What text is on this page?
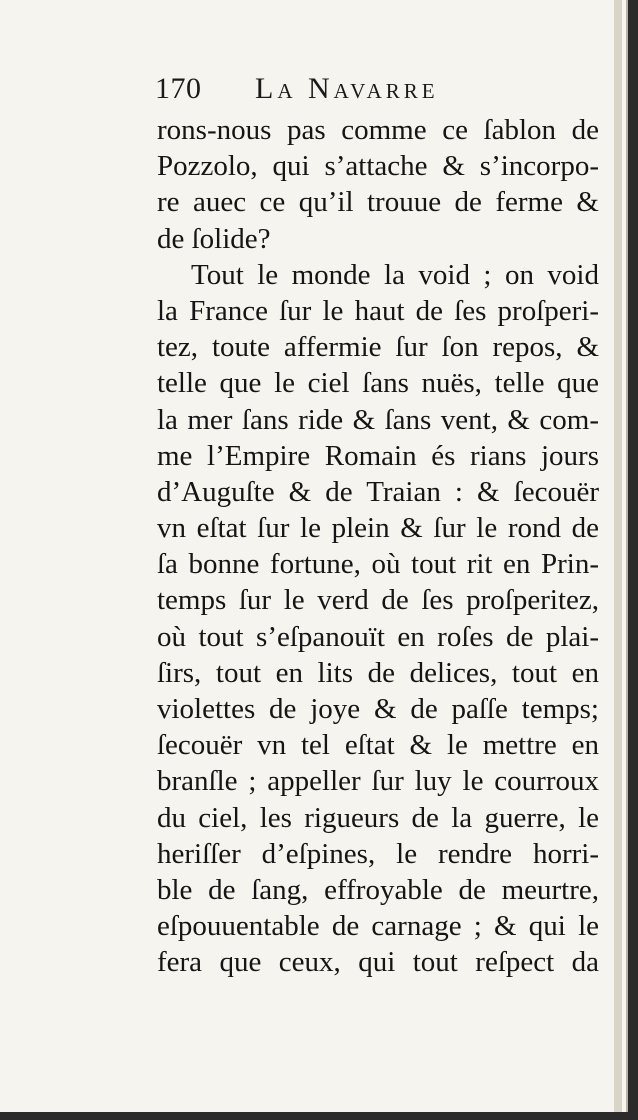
170 La Navarre
rons-nous pas comme ce ſablon de
Pozzolo, qui s’attache & s’incorpo-
re auec ce qu’il trouue de ferme &
de ſolide?
Tout le monde la void ; on void
la France ſur le haut de ſes proſperi-
tez, toute affermie ſur ſon repos, &
telle que le ciel ſans nuës, telle que
la mer ſans ride & ſans vent, & com-
me l’Empire Romain és rians jours
d’Auguſte & de Traian : & ſecouër
vn eſtat ſur le plein & ſur le rond de
ſa bonne fortune, où tout rit en Prin-
temps ſur le verd de ſes proſperitez,
où tout s’eſpanouït en roſes de plai-
ſirs, tout en lits de delices, tout en
violettes de joye & de paſſe temps;
ſecouër vn tel eſtat & le mettre en
branſle ; appeller ſur luy le courroux
du ciel, les rigueurs de la guerre, le
heriſſer d’eſpines, le rendre horri-
ble de ſang, effroyable de meurtre,
eſpouuentable de carnage ; & qui le
fera que ceux, qui tout reſpect da
